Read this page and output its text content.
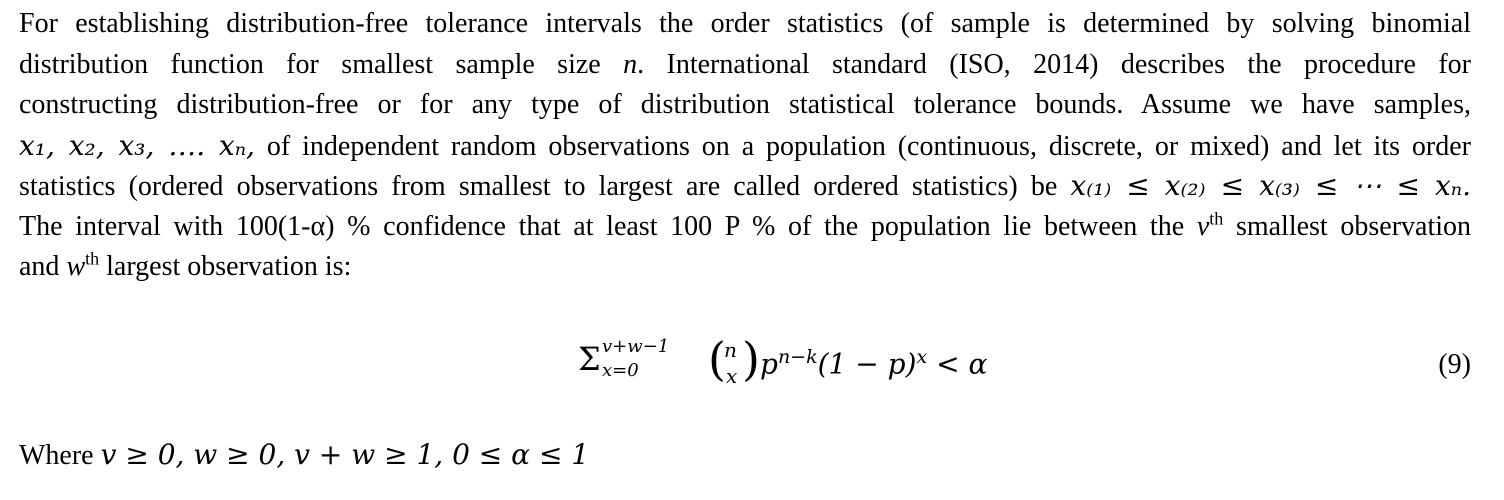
For establishing distribution-free tolerance intervals the order statistics (of sample is determined by solving binomial
distribution function for smallest sample size n. International standard (ISO, 2014) describes the procedure for
constructing distribution-free or for any type of distribution statistical tolerance bounds. Assume we have samples,
x₁, x₂, x₃, …. xₙ, of independent random observations on a population (continuous, discrete, or mixed) and let its order
statistics (ordered observations from smallest to largest are called ordered statistics) be x₍₁₎ ≤ x₍₂₎ ≤ x₍₃₎ ≤ ⋯ ≤ xₙ.
The interval with 100(1-α) % confidence that at least 100 P % of the population lie between the $v^{th}$ smallest observation
and $w^{th}$ largest observation is:

Σ v+w−1
x=0 (
n
x ) $p^{n-k}(1 - p)^x < \alpha$	(9)
Where v ≥ 0, w ≥ 0, v + w ≥ 1, 0 ≤ α ≤ 1
